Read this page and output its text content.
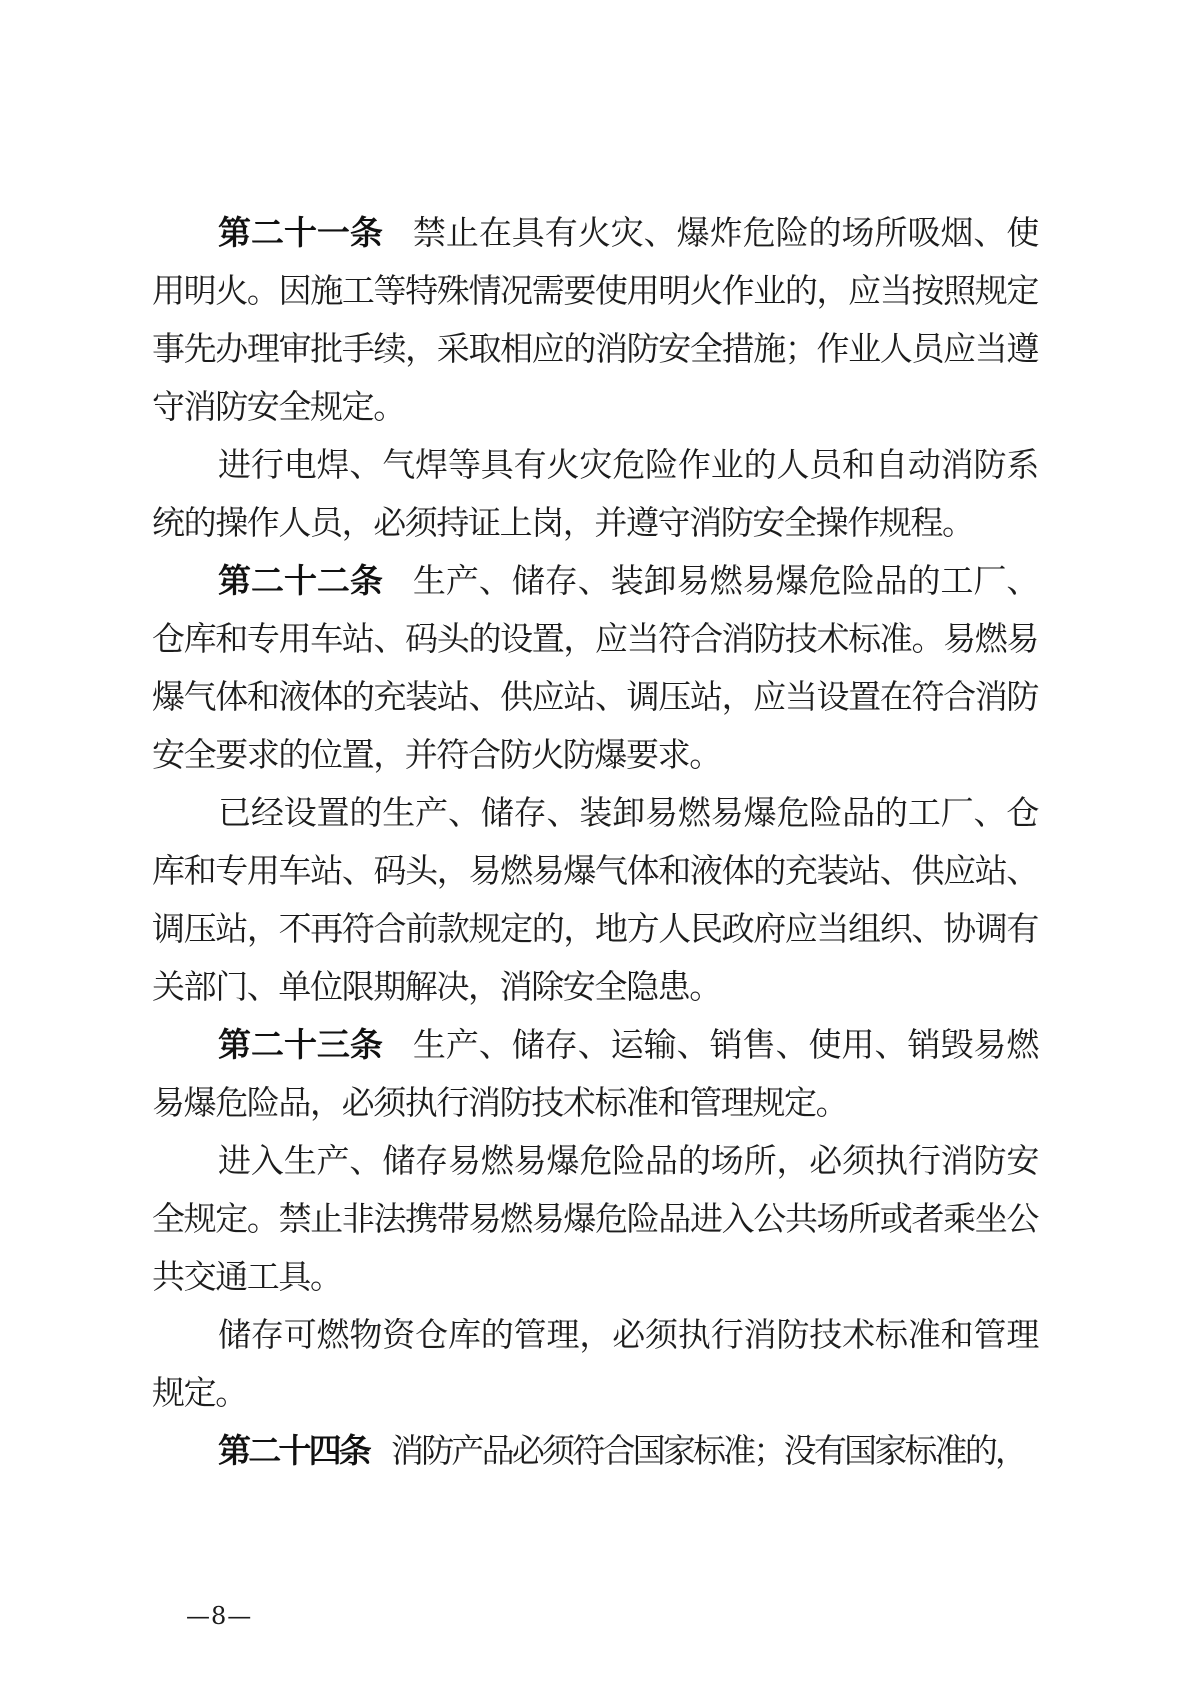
第二十一条 禁止在具有火灾、爆炸危险的场所吸烟、使用明火。因施工等特殊情况需要使用明火作业的，应当按照规定事先办理审批手续，采取相应的消防安全措施；作业人员应当遵守消防安全规定。

进行电焊、气焊等具有火灾危险作业的人员和自动消防系统的操作人员，必须持证上岗，并遵守消防安全操作规程。

第二十二条 生产、储存、装卸易燃易爆危险品的工厂、仓库和专用车站、码头的设置，应当符合消防技术标准。易燃易爆气体和液体的充装站、供应站、调压站，应当设置在符合消防安全要求的位置，并符合防火防爆要求。

已经设置的生产、储存、装卸易燃易爆危险品的工厂、仓库和专用车站、码头，易燃易爆气体和液体的充装站、供应站、调压站，不再符合前款规定的，地方人民政府应当组织、协调有关部门、单位限期解决，消除安全隐患。

第二十三条 生产、储存、运输、销售、使用、销毁易燃易爆危险品，必须执行消防技术标准和管理规定。

进入生产、储存易燃易爆危险品的场所，必须执行消防安全规定。禁止非法携带易燃易爆危险品进入公共场所或者乘坐公共交通工具。

储存可燃物资仓库的管理，必须执行消防技术标准和管理规定。

第二十四条 消防产品必须符合国家标准；没有国家标准的，

—8—
